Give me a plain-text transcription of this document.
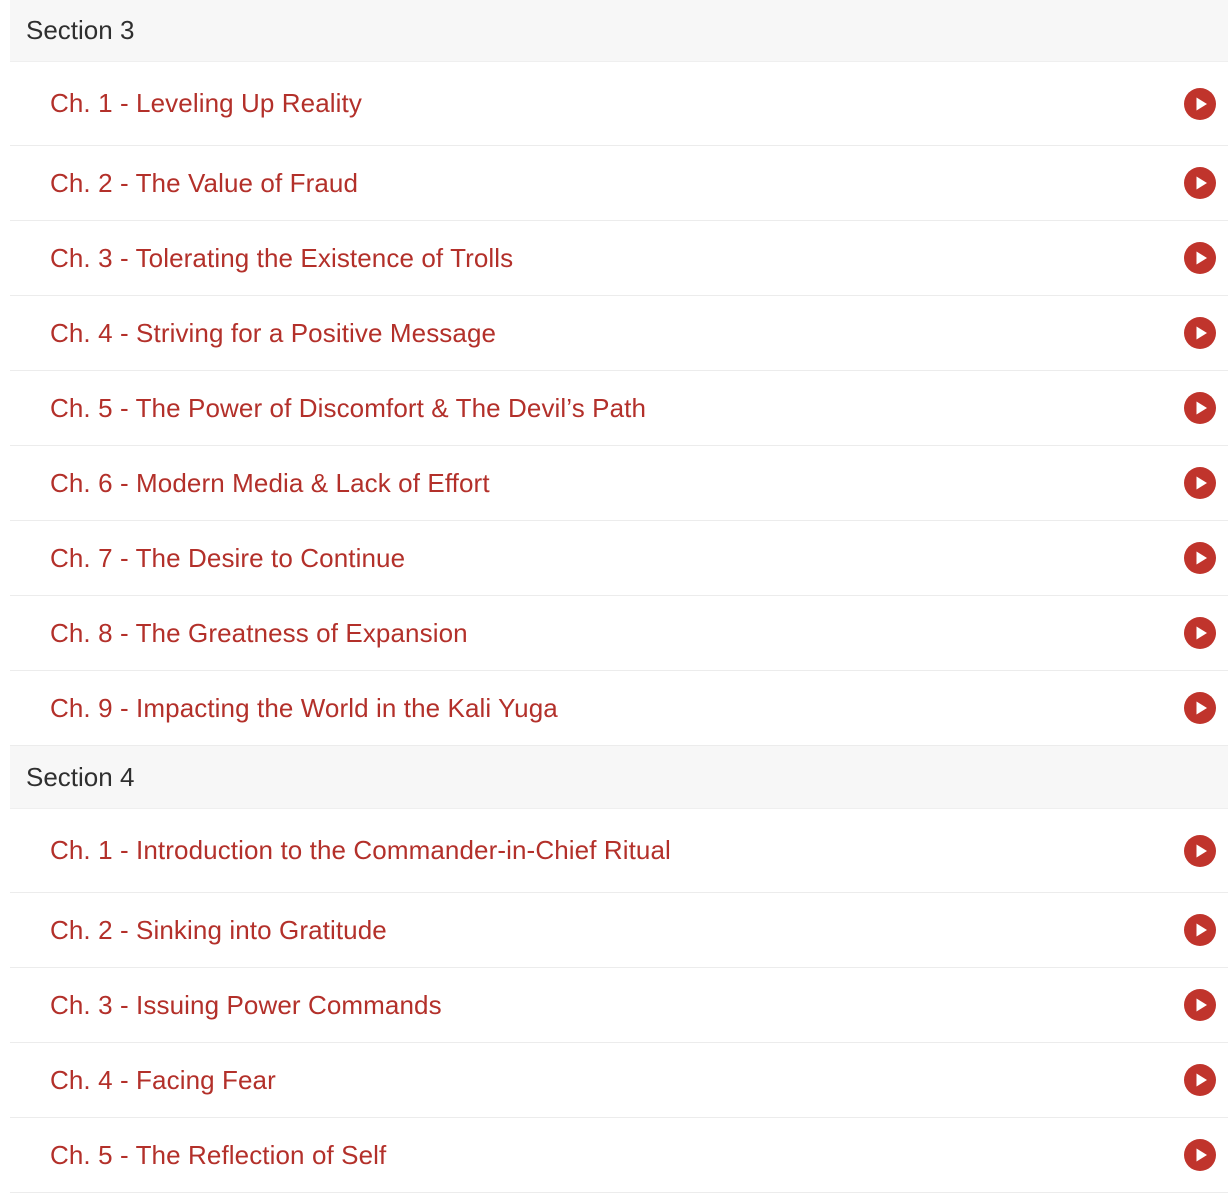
Section 3
Ch. 1 - Leveling Up Reality
Ch. 2 - The Value of Fraud
Ch. 3 - Tolerating the Existence of Trolls
Ch. 4 - Striving for a Positive Message
Ch. 5 - The Power of Discomfort & The Devil’s Path
Ch. 6 - Modern Media & Lack of Effort
Ch. 7 - The Desire to Continue
Ch. 8 - The Greatness of Expansion
Ch. 9 - Impacting the World in the Kali Yuga
Section 4
Ch. 1 - Introduction to the Commander-in-Chief Ritual
Ch. 2 - Sinking into Gratitude
Ch. 3 - Issuing Power Commands
Ch. 4 - Facing Fear
Ch. 5 - The Reflection of Self
